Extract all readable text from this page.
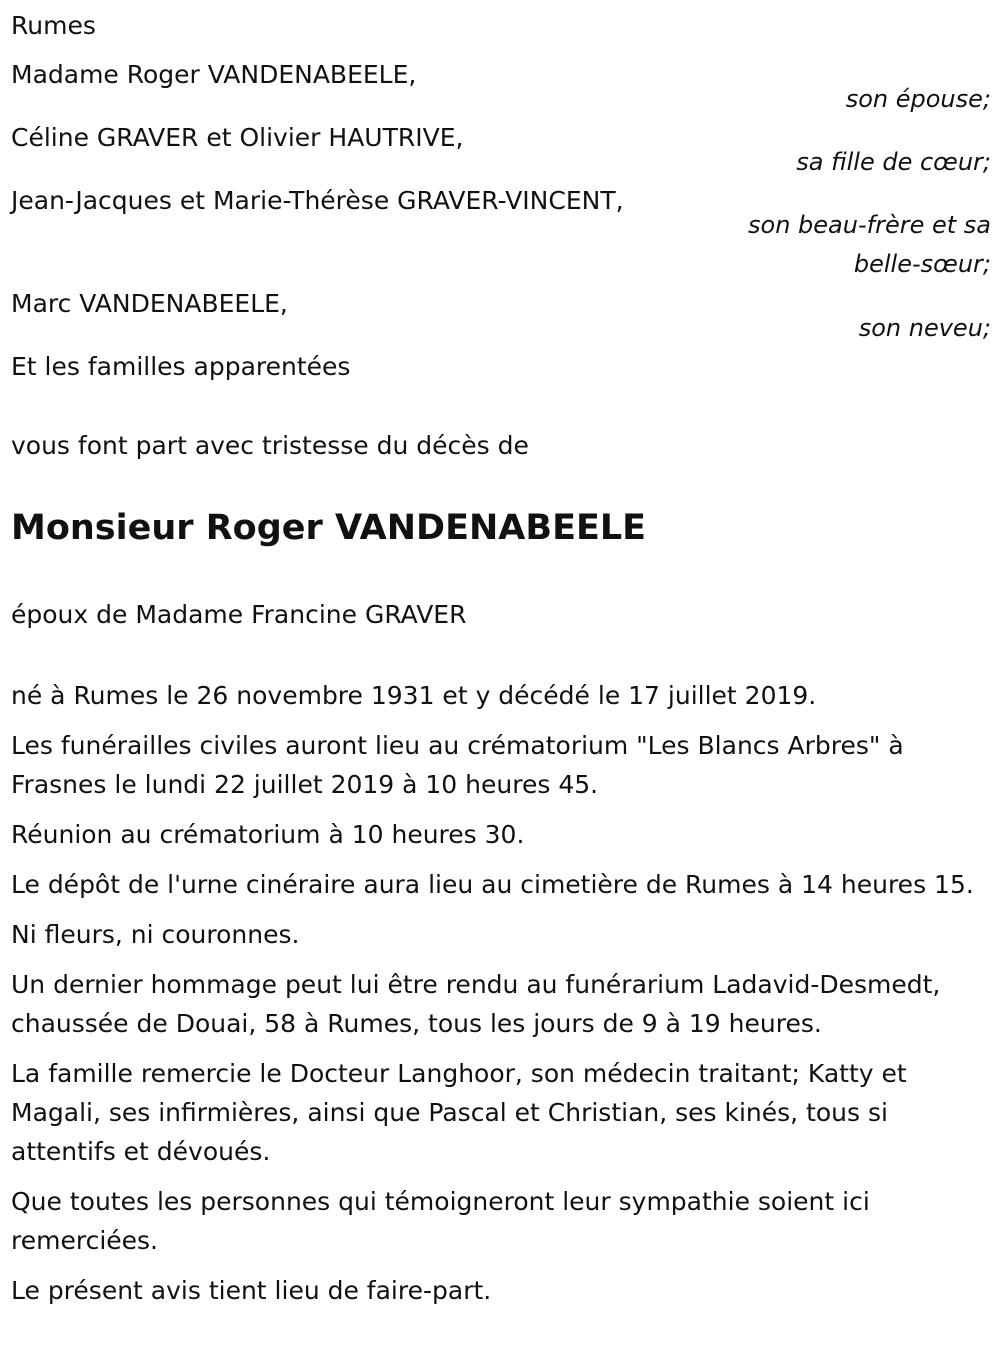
Rumes

Madame Roger VANDENABEELE,

son épouse;

Céline GRAVER et Olivier HAUTRIVE,

sa fille de cœur;

Jean-Jacques et Marie-Thérèse GRAVER-VINCENT,

son beau-frère et sa

belle-sœur;

Marc VANDENABEELE,

son neveu;

Et les familles apparentées

vous font part avec tristesse du décès de

Monsieur Roger VANDENABEELE

époux de Madame Francine GRAVER

né à Rumes le 26 novembre 1931 et y décédé le 17 juillet 2019.

Les funérailles civiles auront lieu au crématorium "Les Blancs Arbres" à Frasnes le lundi 22 juillet 2019 à 10 heures 45.

Réunion au crématorium à 10 heures 30.

Le dépôt de l'urne cinéraire aura lieu au cimetière de Rumes à 14 heures 15.

Ni fleurs, ni couronnes.

Un dernier hommage peut lui être rendu au funérarium Ladavid-Desmedt, chaussée de Douai, 58 à Rumes, tous les jours de 9 à 19 heures.

La famille remercie le Docteur Langhoor, son médecin traitant; Katty et Magali, ses infirmières, ainsi que Pascal et Christian, ses kinés, tous si attentifs et dévoués.

Que toutes les personnes qui témoigneront leur sympathie soient ici remerciées.

Le présent avis tient lieu de faire-part.
